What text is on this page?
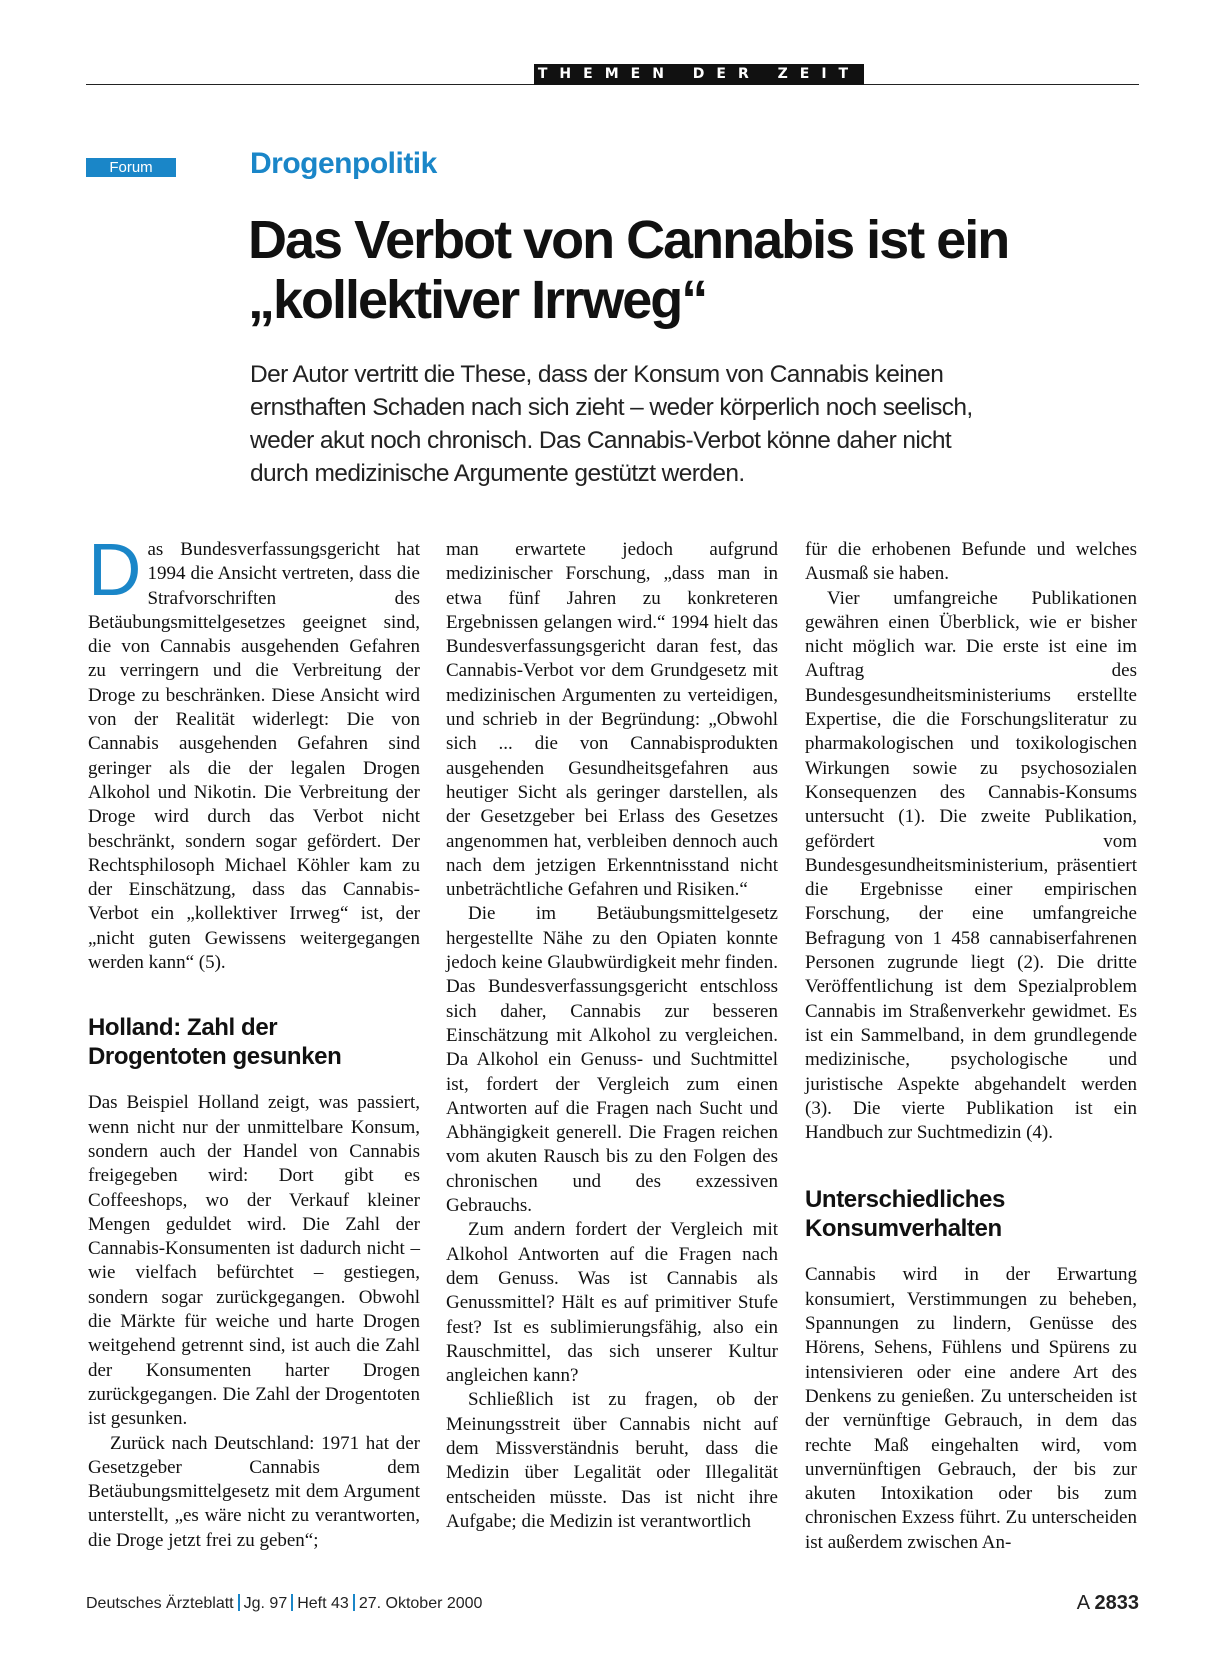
THEMEN DER ZEIT
Forum	Drogenpolitik
Das Verbot von Cannabis ist ein „kollektiver Irrweg“

Der Autor vertritt die These, dass der Konsum von Cannabis keinen ernsthaften Schaden nach sich zieht – weder körperlich noch seelisch, weder akut noch chronisch. Das Cannabis-Verbot könne daher nicht durch medizinische Argumente gestützt werden.

Das Bundesverfassungsgericht hat 1994 die Ansicht vertreten, dass die Strafvorschriften des Betäubungsmittelgesetzes geeignet sind, die von Cannabis ausgehenden Gefahren zu verringern und die Verbreitung der Droge zu beschränken. Diese Ansicht wird von der Realität widerlegt: Die von Cannabis ausgehenden Gefahren sind geringer als die der legalen Drogen Alkohol und Nikotin. Die Verbreitung der Droge wird durch das Verbot nicht beschränkt, sondern sogar gefördert. Der Rechtsphilosoph Michael Köhler kam zu der Einschätzung, dass das Cannabis-Verbot ein „kollektiver Irrweg“ ist, der „nicht guten Gewissens weitergegangen werden kann“ (5).

Holland: Zahl der Drogentoten gesunken

Das Beispiel Holland zeigt, was passiert, wenn nicht nur der unmittelbare Konsum, sondern auch der Handel von Cannabis freigegeben wird: Dort gibt es Coffeeshops, wo der Verkauf kleiner Mengen geduldet wird. Die Zahl der Cannabis-Konsumenten ist dadurch nicht – wie vielfach befürchtet – gestiegen, sondern sogar zurückgegangen. Obwohl die Märkte für weiche und harte Drogen weitgehend getrennt sind, ist auch die Zahl der Konsumenten harter Drogen zurückgegangen. Die Zahl der Drogentoten ist gesunken.

Zurück nach Deutschland: 1971 hat der Gesetzgeber Cannabis dem Betäubungsmittelgesetz mit dem Argument unterstellt, „es wäre nicht zu verantworten, die Droge jetzt frei zu geben“;

man erwartete jedoch aufgrund medizinischer Forschung, „dass man in etwa fünf Jahren zu konkreteren Ergebnissen gelangen wird.“ 1994 hielt das Bundesverfassungsgericht daran fest, das Cannabis-Verbot vor dem Grundgesetz mit medizinischen Argumenten zu verteidigen, und schrieb in der Begründung: „Obwohl sich ... die von Cannabisprodukten ausgehenden Gesundheitsgefahren aus heutiger Sicht als geringer darstellen, als der Gesetzgeber bei Erlass des Gesetzes angenommen hat, verbleiben dennoch auch nach dem jetzigen Erkenntnisstand nicht unbeträchtliche Gefahren und Risiken.“

Die im Betäubungsmittelgesetz hergestellte Nähe zu den Opiaten konnte jedoch keine Glaubwürdigkeit mehr finden. Das Bundesverfassungsgericht entschloss sich daher, Cannabis zur besseren Einschätzung mit Alkohol zu vergleichen. Da Alkohol ein Genuss- und Suchtmittel ist, fordert der Vergleich zum einen Antworten auf die Fragen nach Sucht und Abhängigkeit generell. Die Fragen reichen vom akuten Rausch bis zu den Folgen des chronischen und des exzessiven Gebrauchs.

Zum andern fordert der Vergleich mit Alkohol Antworten auf die Fragen nach dem Genuss. Was ist Cannabis als Genussmittel? Hält es auf primitiver Stufe fest? Ist es sublimierungsfähig, also ein Rauschmittel, das sich unserer Kultur angleichen kann?

Schließlich ist zu fragen, ob der Meinungsstreit über Cannabis nicht auf dem Missverständnis beruht, dass die Medizin über Legalität oder Illegalität entscheiden müsste. Das ist nicht ihre Aufgabe; die Medizin ist verantwortlich

für die erhobenen Befunde und welches Ausmaß sie haben.

Vier umfangreiche Publikationen gewähren einen Überblick, wie er bisher nicht möglich war. Die erste ist eine im Auftrag des Bundesgesundheitsministeriums erstellte Expertise, die die Forschungsliteratur zu pharmakologischen und toxikologischen Wirkungen sowie zu psychosozialen Konsequenzen des Cannabis-Konsums untersucht (1). Die zweite Publikation, gefördert vom Bundesgesundheitsministerium, präsentiert die Ergebnisse einer empirischen Forschung, der eine umfangreiche Befragung von 1 458 cannabiserfahrenen Personen zugrunde liegt (2). Die dritte Veröffentlichung ist dem Spezialproblem Cannabis im Straßenverkehr gewidmet. Es ist ein Sammelband, in dem grundlegende medizinische, psychologische und juristische Aspekte abgehandelt werden (3). Die vierte Publikation ist ein Handbuch zur Suchtmedizin (4).

Unterschiedliches Konsumverhalten

Cannabis wird in der Erwartung konsumiert, Verstimmungen zu beheben, Spannungen zu lindern, Genüsse des Hörens, Sehens, Fühlens und Spürens zu intensivieren oder eine andere Art des Denkens zu genießen. Zu unterscheiden ist der vernünftige Gebrauch, in dem das rechte Maß eingehalten wird, vom unvernünftigen Gebrauch, der bis zur akuten Intoxikation oder bis zum chronischen Exzess führt. Zu unterscheiden ist außerdem zwischen An-

Deutsches Ärzteblatt Jg. 97 Heft 43 27. Oktober 2000	A 2833
